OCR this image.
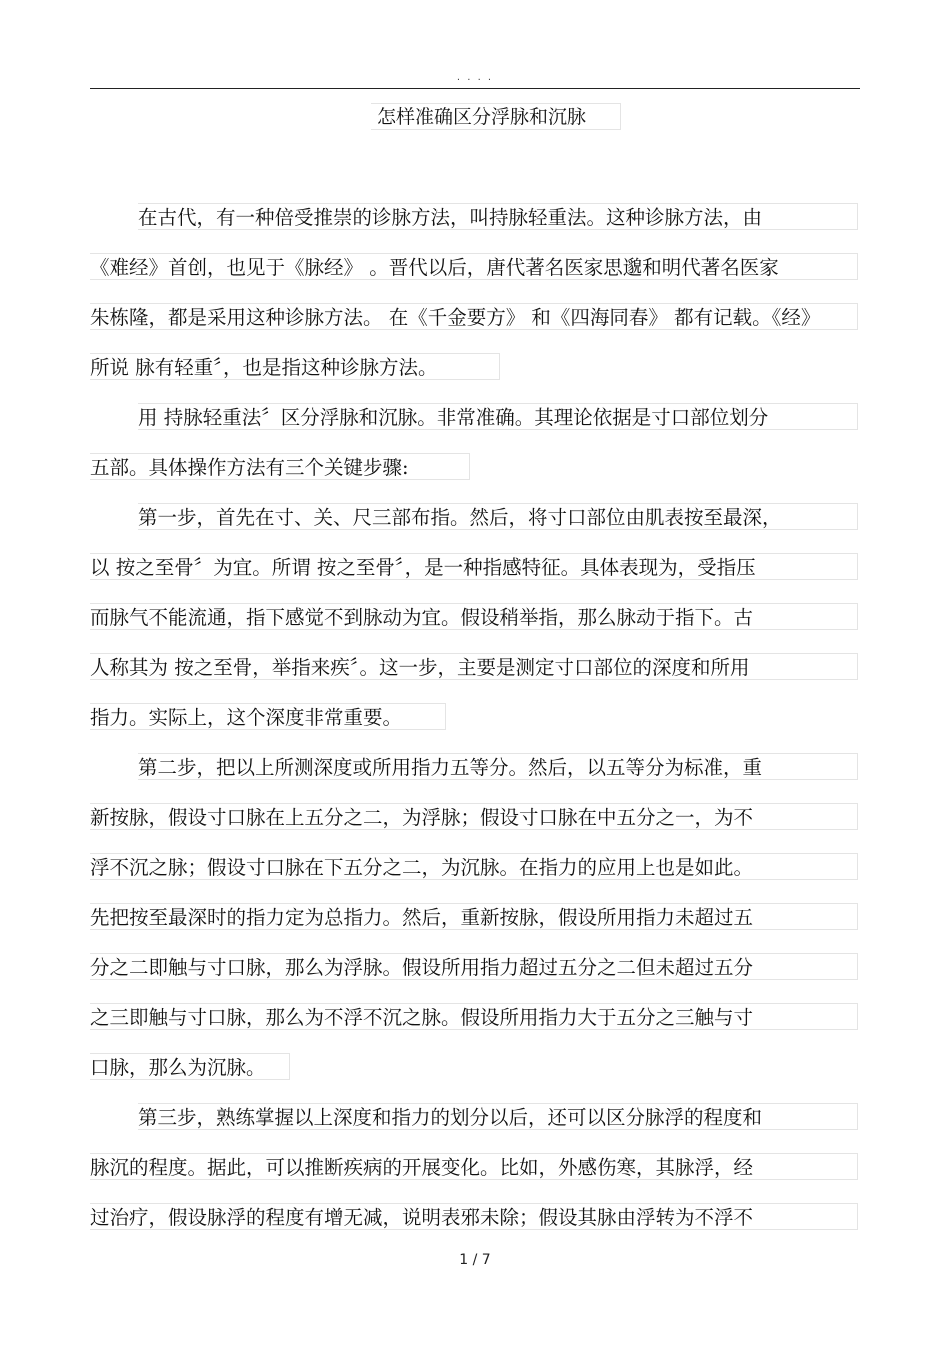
. . . .
怎样准确区分浮脉和沉脉
在古代，有一种倍受推崇的诊脉方法，叫持脉轻重法。这种诊脉方法，由
《难经》首创，也见于《脉经》 。晋代以后，唐代著名医家思邈和明代著名医家
朱栋隆，都是采用这种诊脉方法。 在《千金要方》 和《四海同春》 都有记载。《经》
所说 脉有轻重〞，也是指这种诊脉方法。
用 持脉轻重法〞区分浮脉和沉脉。非常准确。其理论依据是寸口部位划分
五部。具体操作方法有三个关键步骤:
第一步，首先在寸、关、尺三部布指。然后，将寸口部位由肌表按至最深，
以 按之至骨〞为宜。所谓 按之至骨〞，是一种指感特征。具体表现为，受指压
而脉气不能流通，指下感觉不到脉动为宜。假设稍举指，那么脉动于指下。古
人称其为 按之至骨，举指来疾〞。这一步，主要是测定寸口部位的深度和所用
指力。实际上，这个深度非常重要。
第二步，把以上所测深度或所用指力五等分。然后，以五等分为标准，重
新按脉，假设寸口脉在上五分之二，为浮脉；假设寸口脉在中五分之一，为不
浮不沉之脉；假设寸口脉在下五分之二，为沉脉。在指力的应用上也是如此。
先把按至最深时的指力定为总指力。然后，重新按脉，假设所用指力未超过五
分之二即触与寸口脉，那么为浮脉。假设所用指力超过五分之二但未超过五分
之三即触与寸口脉，那么为不浮不沉之脉。假设所用指力大于五分之三触与寸
口脉，那么为沉脉。
第三步，熟练掌握以上深度和指力的划分以后，还可以区分脉浮的程度和
脉沉的程度。据此，可以推断疾病的开展变化。比如，外感伤寒，其脉浮，经
过治疗，假设脉浮的程度有增无减，说明表邪未除；假设其脉由浮转为不浮不
1 / 7
